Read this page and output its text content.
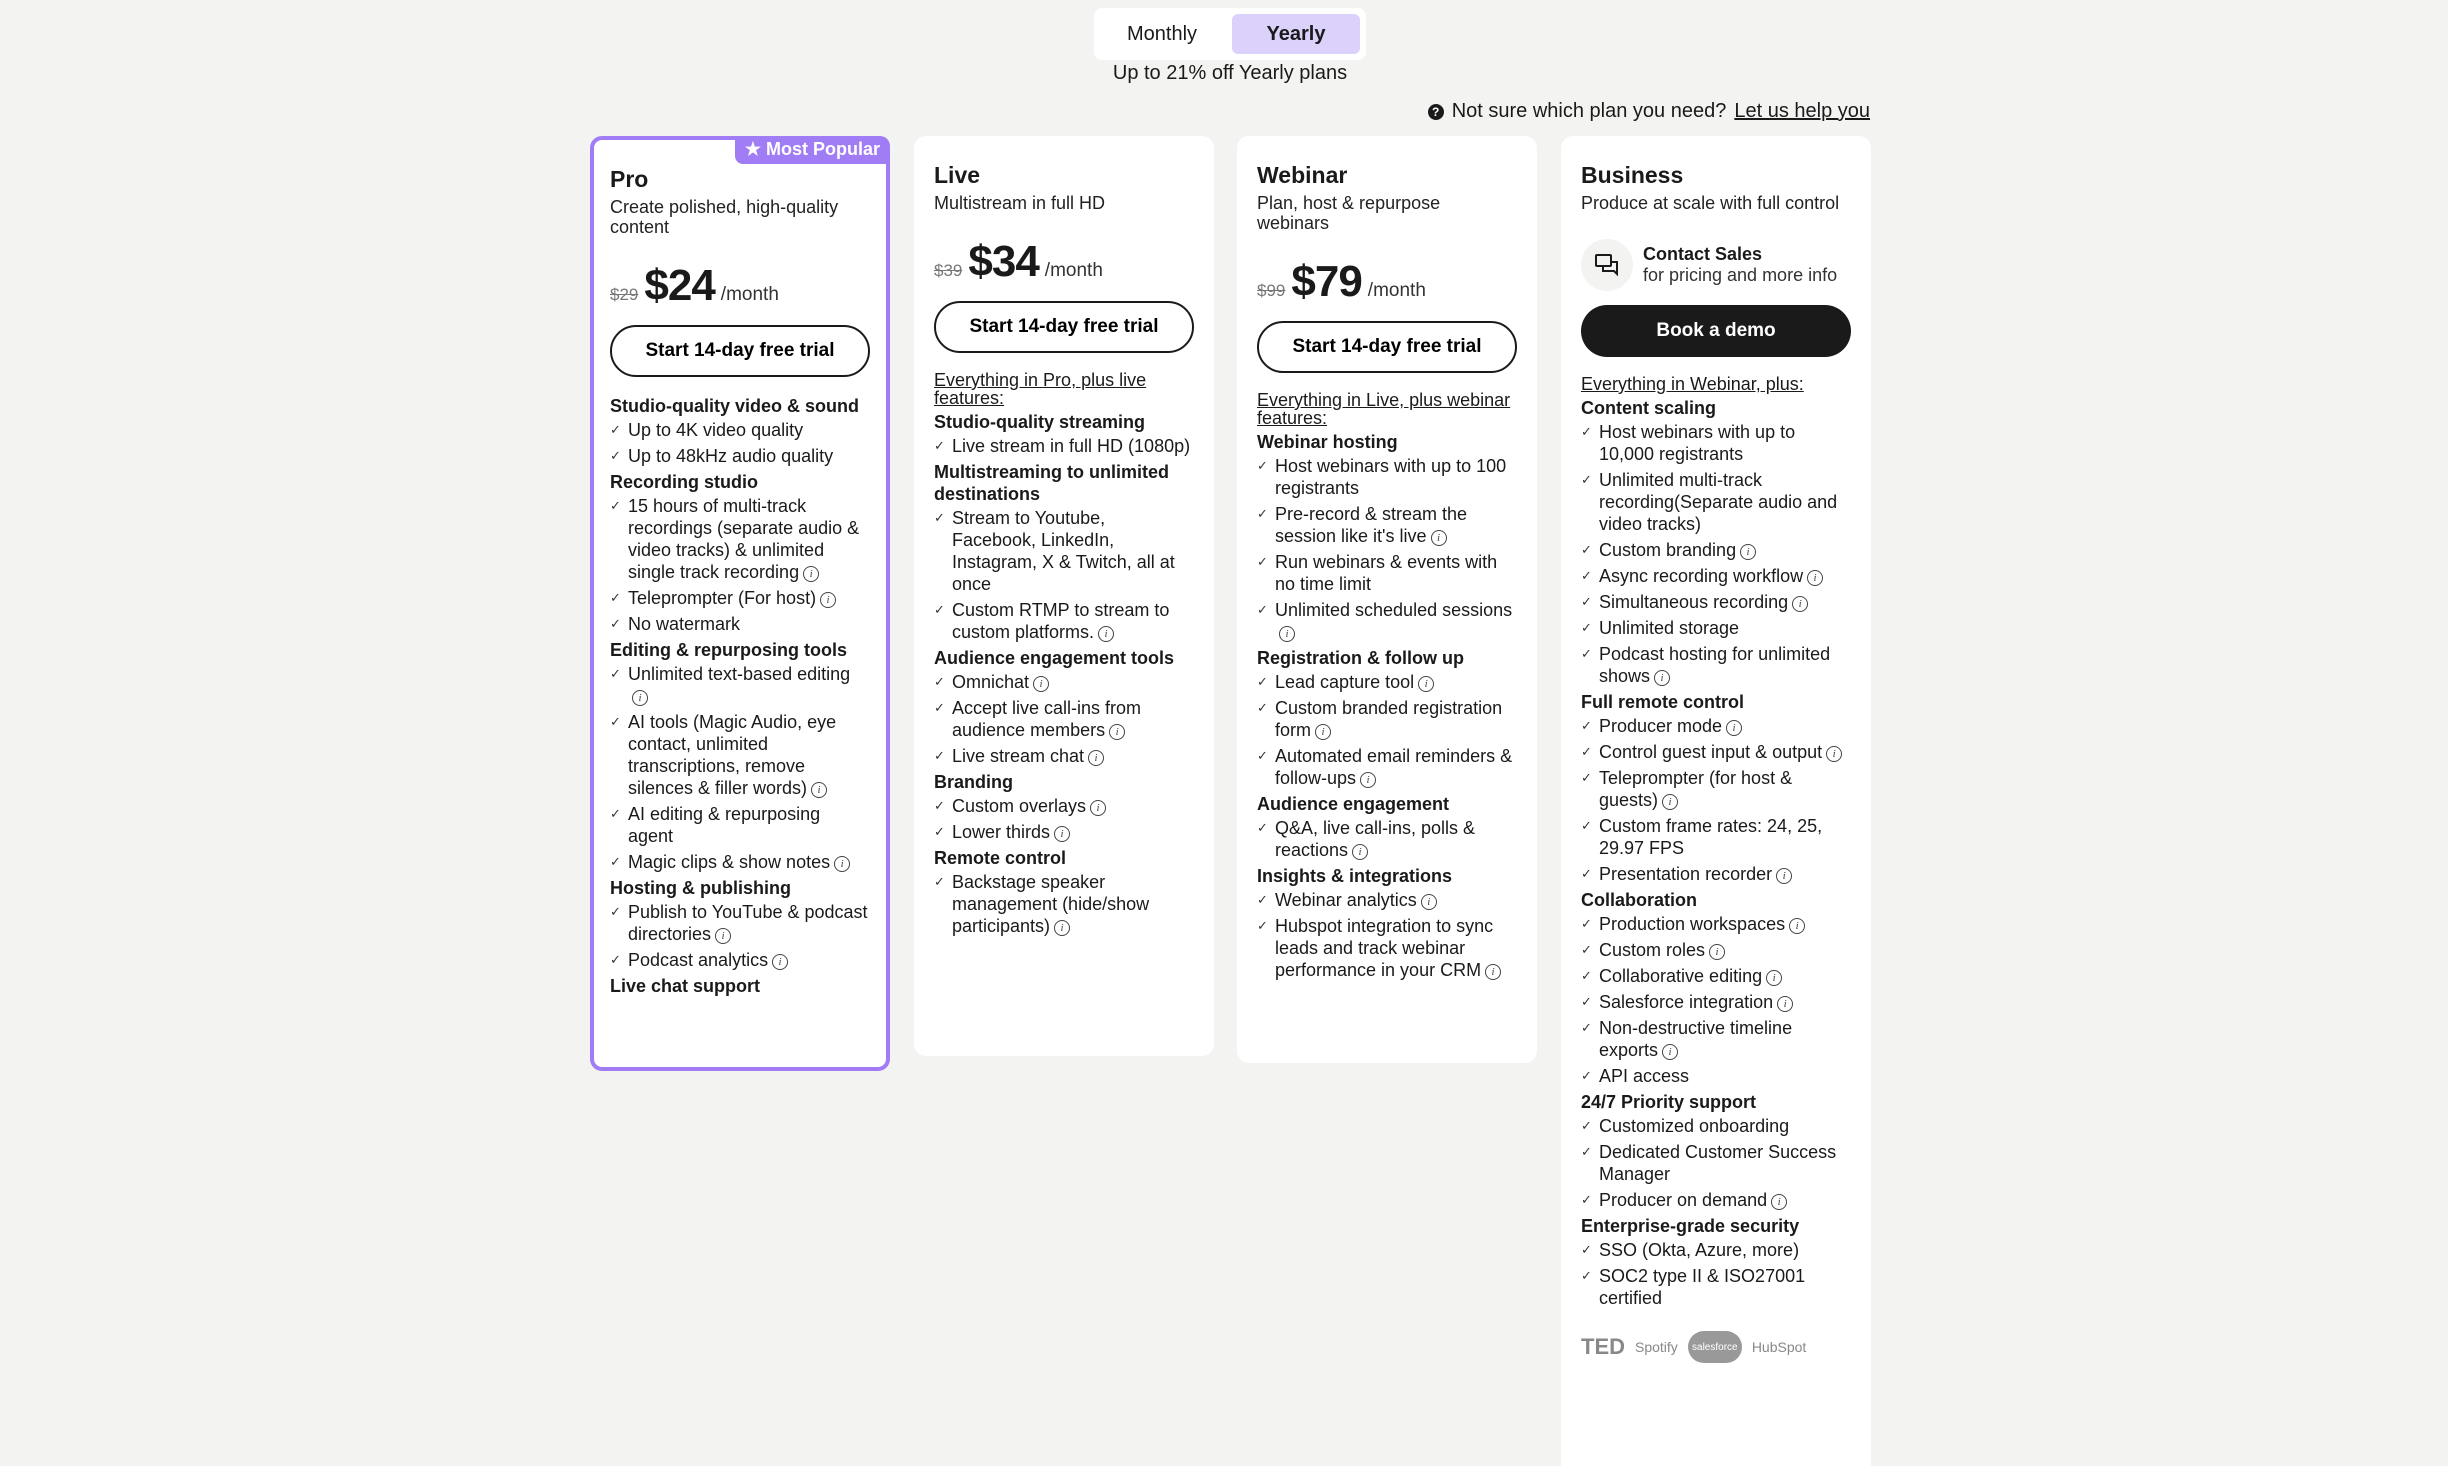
Monthly	Yearly
Up to 21% off Yearly plans
? Not sure which plan you need? Let us help you
★ Most Popular
Pro
Create polished, high-quality content
$29 $24 /month
Start 14-day free trial
Studio-quality video & sound
✓ Up to 4K video quality
✓ Up to 48kHz audio quality
Recording studio
✓ 15 hours of multi-track recordings (separate audio & video tracks) & unlimited single track recording i
✓ Teleprompter (For host) i
✓ No watermark
Editing & repurposing tools
✓ Unlimited text-based editingi
✓ AI tools (Magic Audio, eye contact, unlimited transcriptions, remove silences & filler words) i
✓ AI editing & repurposing agent
✓ Magic clips & show notes i
Hosting & publishing
✓ Publish to YouTube & podcast directories i
✓ Podcast analytics i
Live chat support
Live
Multistream in full HD
$39 $34 /month
Start 14-day free trial
Everything in Pro, plus live features:
Studio-quality streaming
✓ Live stream in full HD (1080p)
Multistreaming to unlimited destinations
✓ Stream to Youtube, Facebook, LinkedIn, Instagram, X & Twitch, all at once
✓ Custom RTMP to stream to custom platforms. i
Audience engagement tools
✓ Omnichat i
✓ Accept live call-ins from audience members i
✓ Live stream chat i
Branding
✓ Custom overlays i
✓ Lower thirds i
Remote control
✓ Backstage speaker management (hide/show participants) i
Webinar
Plan, host & repurpose webinars
$99 $79 /month
Start 14-day free trial
Everything in Live, plus webinar features:
Webinar hosting
✓ Host webinars with up to 100 registrants
✓ Pre-record & stream the session like it's live i
✓ Run webinars & events with no time limit
✓ Unlimited scheduled sessionsi
Registration & follow up
✓ Lead capture tool i
✓ Custom branded registration form i
✓ Automated email reminders & follow-ups i
Audience engagement
✓ Q&A, live call-ins, polls & reactions i
Insights & integrations
✓ Webinar analytics i
✓ Hubspot integration to sync leads and track webinar performance in your CRM i
Business
Produce at scale with full control
Contact Sales
for pricing and more info
Book a demo
Everything in Webinar, plus:
Content scaling
✓ Host webinars with up to 10,000 registrants
✓ Unlimited multi-track recording(Separate audio and video tracks)
✓ Custom branding i
✓ Async recording workflow i
✓ Simultaneous recording i
✓ Unlimited storage
✓ Podcast hosting for unlimited shows i
Full remote control
✓ Producer mode i
✓ Control guest input & output i
✓ Teleprompter (for host & guests) i
✓ Custom frame rates: 24, 25, 29.97 FPS
✓ Presentation recorder i
Collaboration
✓ Production workspaces i
✓ Custom roles i
✓ Collaborative editing i
✓ Salesforce integration i
✓ Non-destructive timeline exports i
✓ API access
24/7 Priority support
✓ Customized onboarding
✓ Dedicated Customer Success Manager
✓ Producer on demand i
Enterprise-grade security
✓ SSO (Okta, Azure, more)
✓ SOC2 type II & ISO27001 certified
TED Spotify	salesforce	HubSpot
